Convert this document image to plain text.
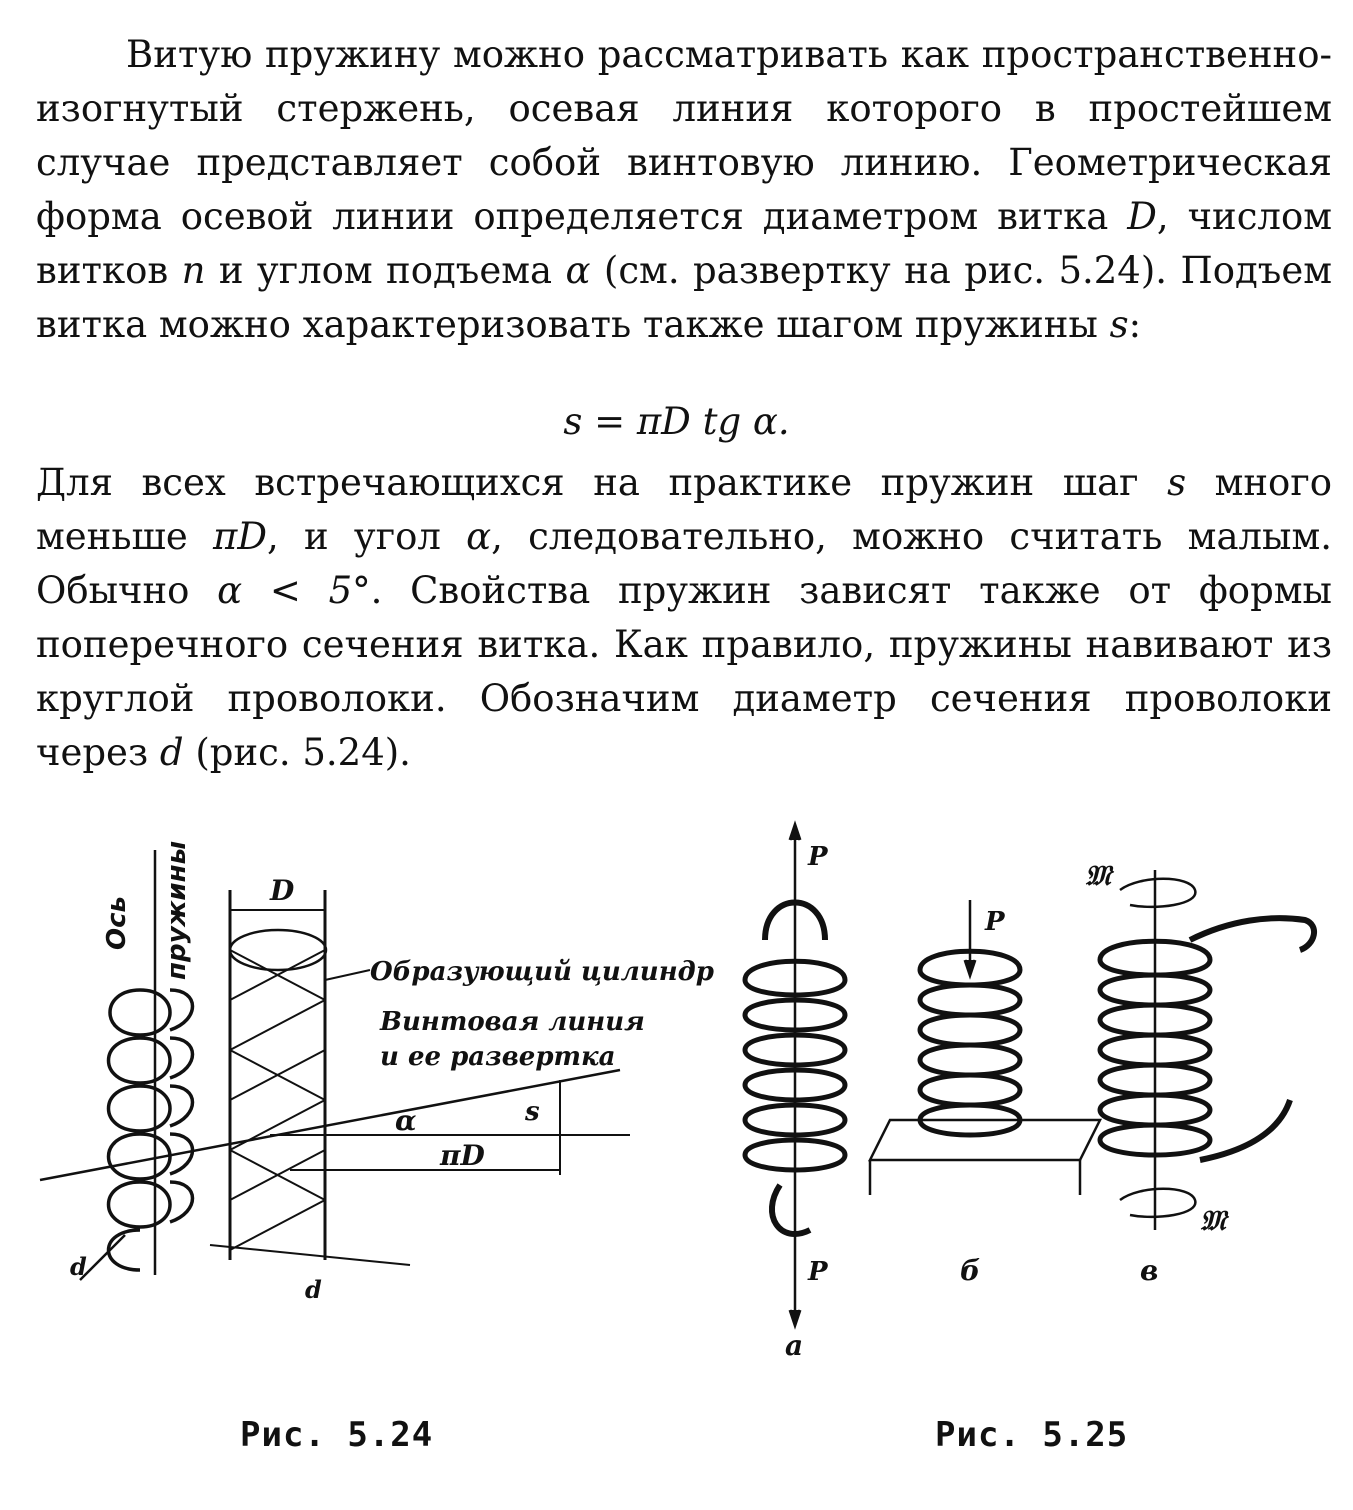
Витую пружину можно рассматривать как пространственно-изогнутый стержень, осевая линия которого в простейшем случае представляет собой винтовую линию. Геометрическая форма осевой линии определяется диаметром витка D, числом витков n и углом подъема α (см. развертку на рис. 5.24). Подъем витка можно характеризовать также шагом пружины s:
s = πD tg α.
Для всех встречающихся на практике пружин шаг s много меньше πD, и угол α, следовательно, можно считать малым. Обычно α < 5°. Свойства пружин зависят также от формы поперечного сечения витка. Как правило, пружины навивают из круглой проволоки. Обозначим диаметр сечения проволоки через d (рис. 5.24).
d
Ось пружины	D
Образующий цилиндр
Винтовая линия
и ее развертка
α
πD
s
d
Рис. 5.24
P
P
а
P
б
𝔐
𝔐
в
Рис. 5.25
